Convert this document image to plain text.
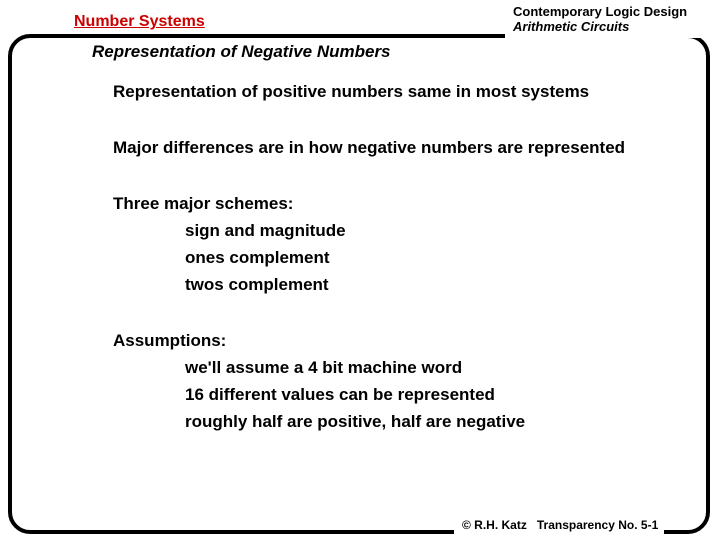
Number Systems
Contemporary Logic Design
Arithmetic Circuits
Representation of Negative Numbers

Representation of positive numbers same in most systems

Major differences are in how negative numbers are represented

Three major schemes:

sign and magnitude

ones complement

twos complement

Assumptions:

we'll assume a 4 bit machine word

16 different values can be represented

roughly half are positive, half are negative

© R.H. Katz Transparency No. 5-1
